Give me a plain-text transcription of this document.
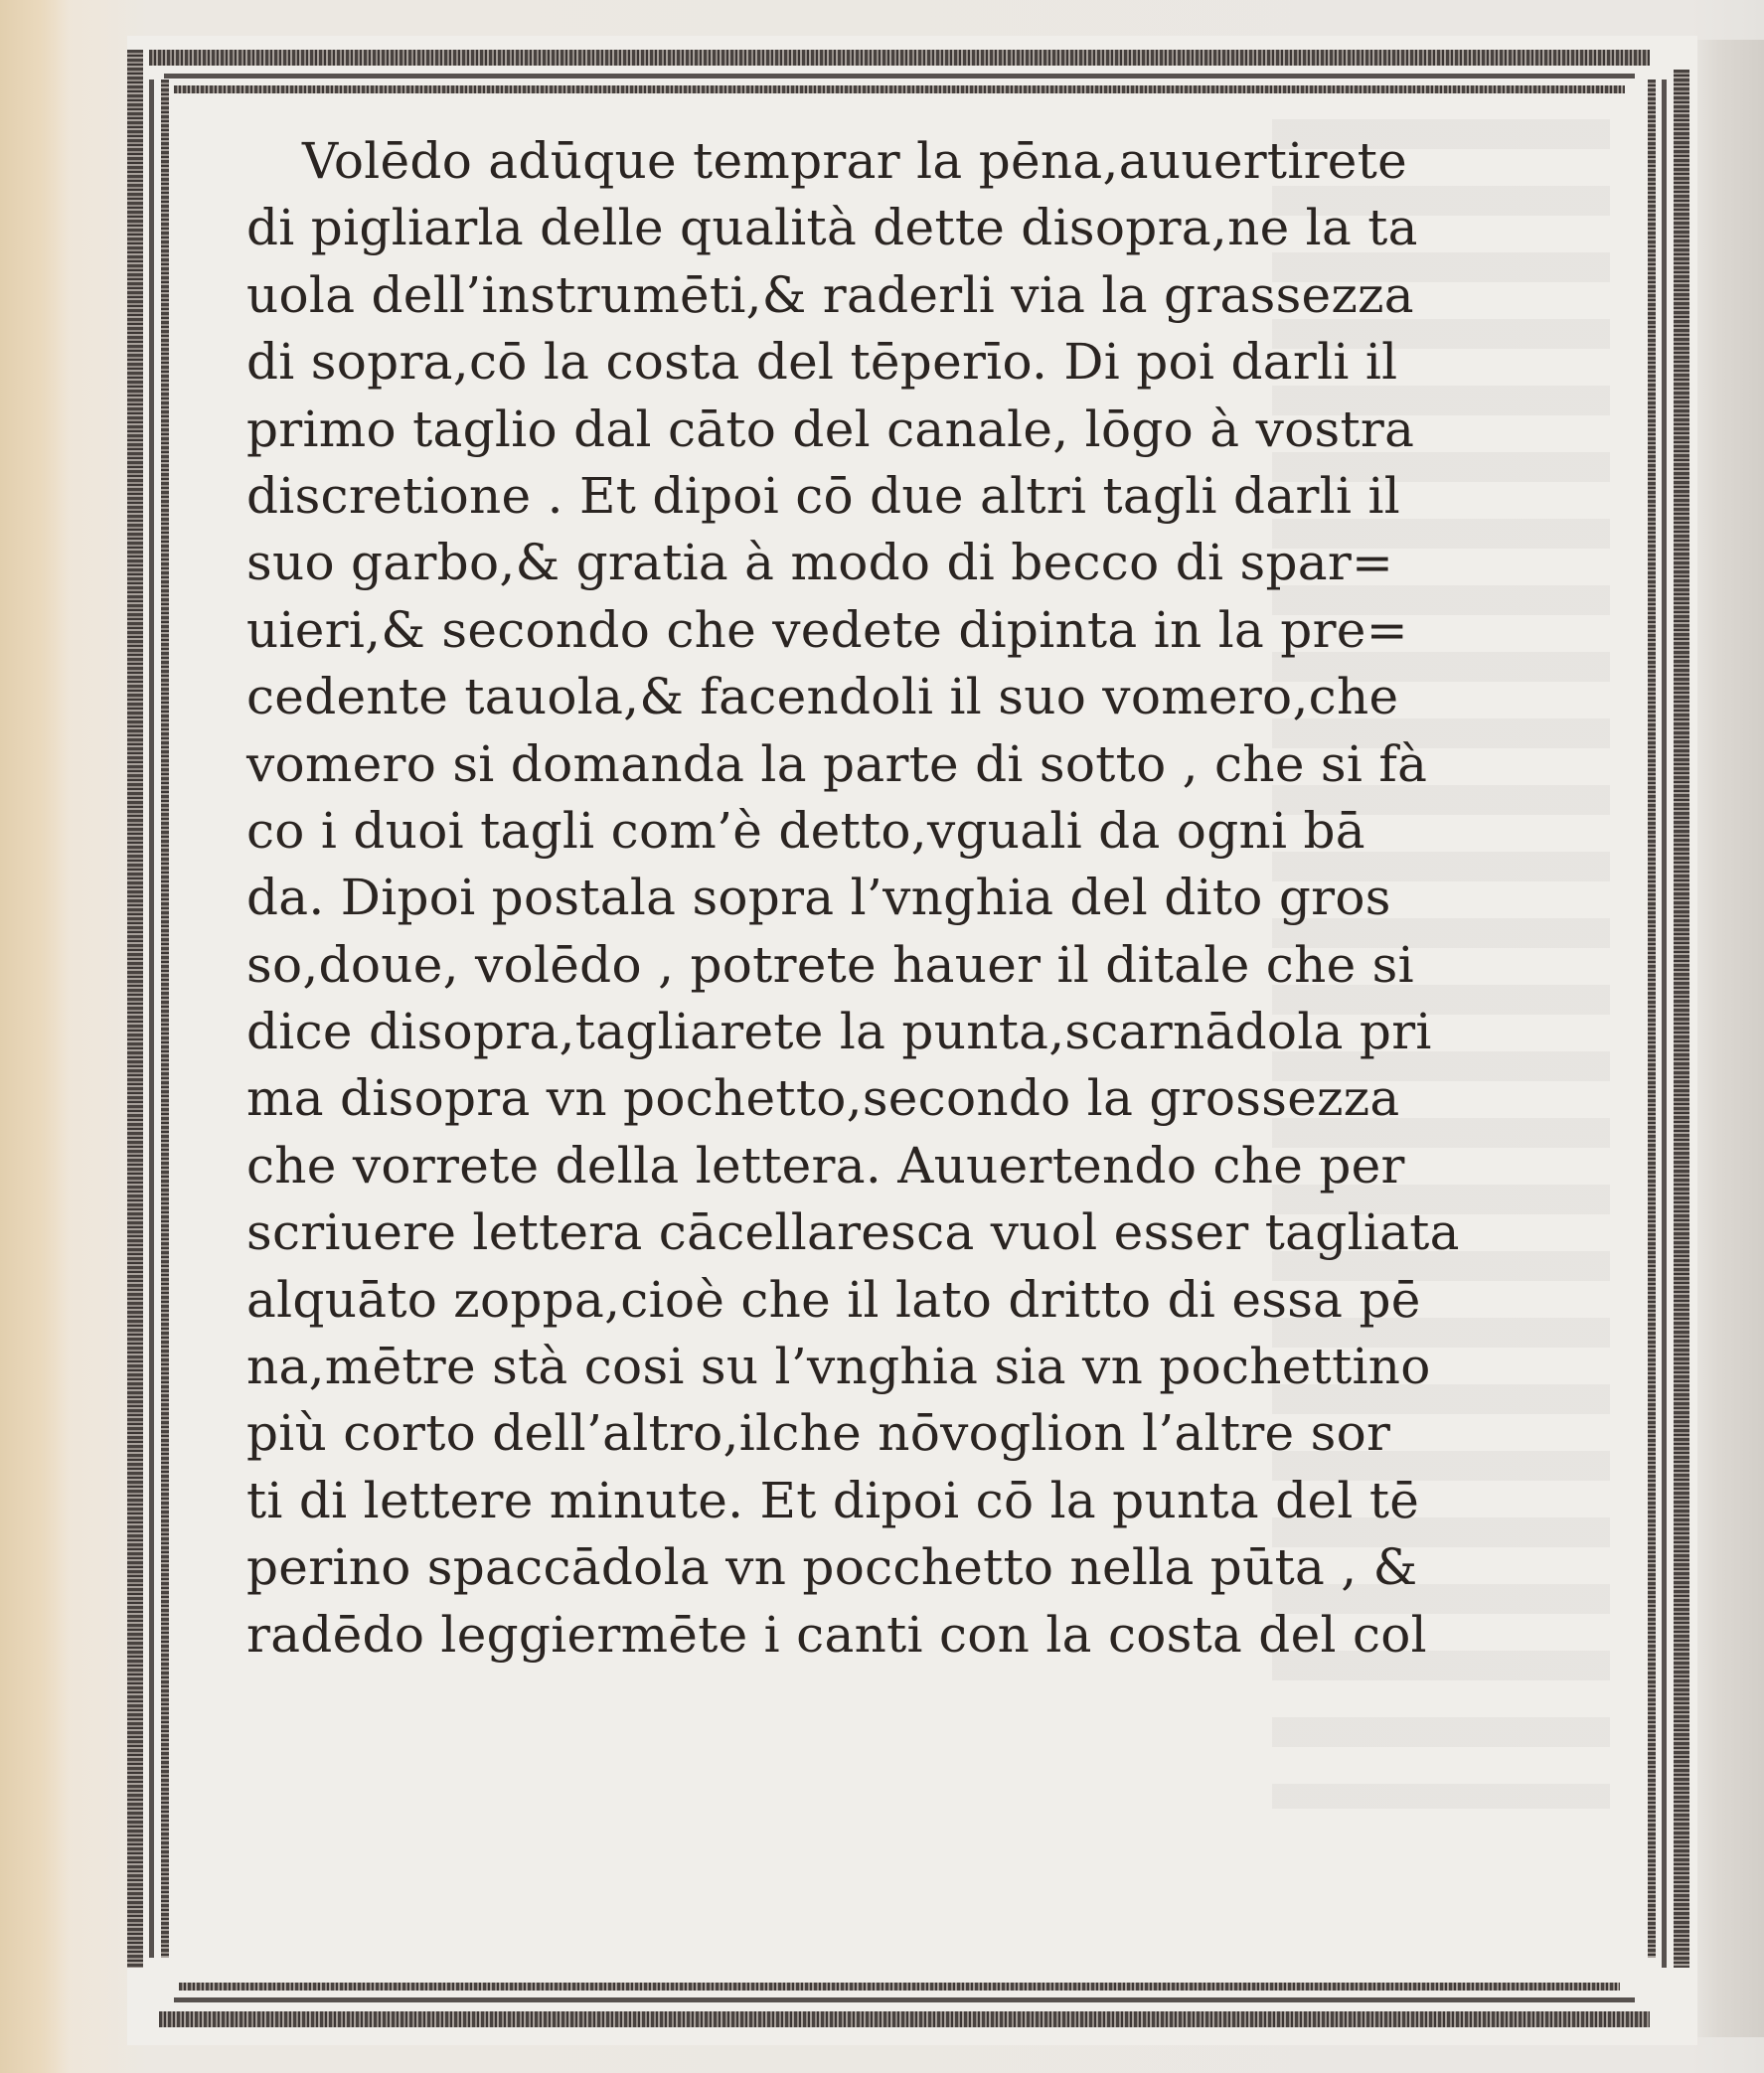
Volēdo adūque temprar la pēna,auuertirete
di pigliarla delle qualità dette disopra,ne la ta
uola dell’instrumēti,& raderli via la grassezza
di sopra,cō la costa del tēperīo. Di poi darli il
primo taglio dal cāto del canale, lōgo à vostra
discretione . Et dipoi cō due altri tagli darli il
suo garbo,& gratia à modo di becco di spar=
uieri,& secondo che vedete dipinta in la pre=
cedente tauola,& facendoli il suo vomero,che
vomero si domanda la parte di sotto , che si fà
co i duoi tagli com’è detto,vguali da ogni bā
da. Dipoi postala sopra l’vnghia del dito gros
so,doue, volēdo , potrete hauer il ditale che si
dice disopra,tagliarete la punta,scarnādola pri
ma disopra vn pochetto,secondo la grossezza
che vorrete della lettera. Auuertendo che per
scriuere lettera cācellaresca vuol esser tagliata
alquāto zoppa,cioè che il lato dritto di essa pē
na,mētre stà cosi su l’vnghia sia vn pochettino
più corto dell’altro,ilche nōvoglion l’altre sor
ti di lettere minute. Et dipoi cō la punta del tē
perino spaccādola vn pocchetto nella pūta , &
radēdo leggiermēte i canti con la costa del col
